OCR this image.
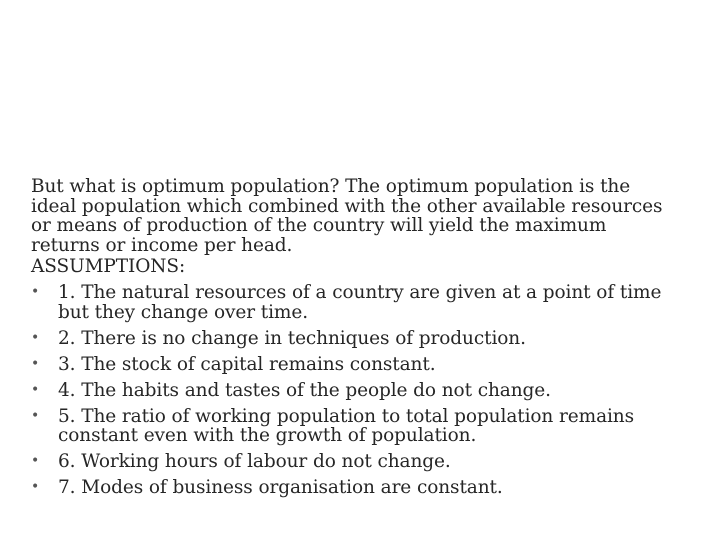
But what is optimum population? The optimum population is the ideal population which combined with the other available resources or means of production of the country will yield the maximum returns or income per head.

ASSUMPTIONS:

•	1. The natural resources of a country are given at a point of time but they change over time.
•	2. There is no change in techniques of production.
•	3. The stock of capital remains constant.
•	4. The habits and tastes of the people do not change.
•	5. The ratio of working population to total population remains constant even with the growth of population.
•	6. Working hours of labour do not change.
•	7. Modes of business organisation are constant.
